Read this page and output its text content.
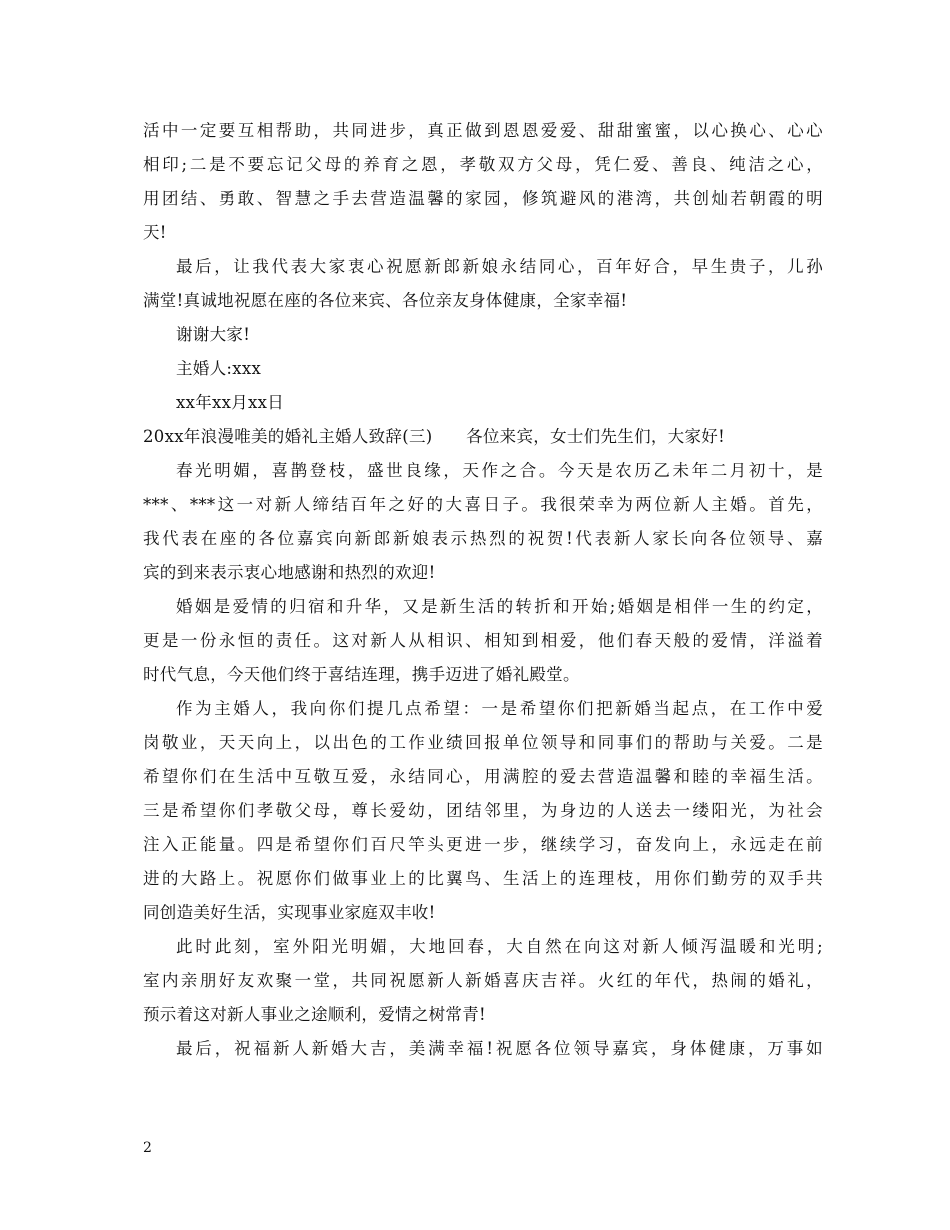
活中一定要互相帮助，共同进步，真正做到恩恩爱爱、甜甜蜜蜜，以心换心、心心
相印;二是不要忘记父母的养育之恩，孝敬双方父母，凭仁爱、善良、纯洁之心，
用团结、勇敢、智慧之手去营造温馨的家园，修筑避风的港湾，共创灿若朝霞的明
天!
最后，让我代表大家衷心祝愿新郎新娘永结同心，百年好合，早生贵子，儿孙
满堂!真诚地祝愿在座的各位来宾、各位亲友身体健康，全家幸福!
谢谢大家!
主婚人:xxx
xx年xx月xx日
20xx年浪漫唯美的婚礼主婚人致辞(三)　　各位来宾，女士们先生们，大家好!
春光明媚，喜鹊登枝，盛世良缘，天作之合。今天是农历乙未年二月初十，是
***、***这一对新人缔结百年之好的大喜日子。我很荣幸为两位新人主婚。首先，
我代表在座的各位嘉宾向新郎新娘表示热烈的祝贺!代表新人家长向各位领导、嘉
宾的到来表示衷心地感谢和热烈的欢迎!
婚姻是爱情的归宿和升华，又是新生活的转折和开始;婚姻是相伴一生的约定，
更是一份永恒的责任。这对新人从相识、相知到相爱，他们春天般的爱情，洋溢着
时代气息，今天他们终于喜结连理，携手迈进了婚礼殿堂。
作为主婚人，我向你们提几点希望：一是希望你们把新婚当起点，在工作中爱
岗敬业，天天向上，以出色的工作业绩回报单位领导和同事们的帮助与关爱。二是
希望你们在生活中互敬互爱，永结同心，用满腔的爱去营造温馨和睦的幸福生活。
三是希望你们孝敬父母，尊长爱幼，团结邻里，为身边的人送去一缕阳光，为社会
注入正能量。四是希望你们百尺竿头更进一步，继续学习，奋发向上，永远走在前
进的大路上。祝愿你们做事业上的比翼鸟、生活上的连理枝，用你们勤劳的双手共
同创造美好生活，实现事业家庭双丰收!
此时此刻，室外阳光明媚，大地回春，大自然在向这对新人倾泻温暖和光明;
室内亲朋好友欢聚一堂，共同祝愿新人新婚喜庆吉祥。火红的年代，热闹的婚礼，
预示着这对新人事业之途顺利，爱情之树常青!
最后，祝福新人新婚大吉，美满幸福!祝愿各位领导嘉宾，身体健康，万事如
2
